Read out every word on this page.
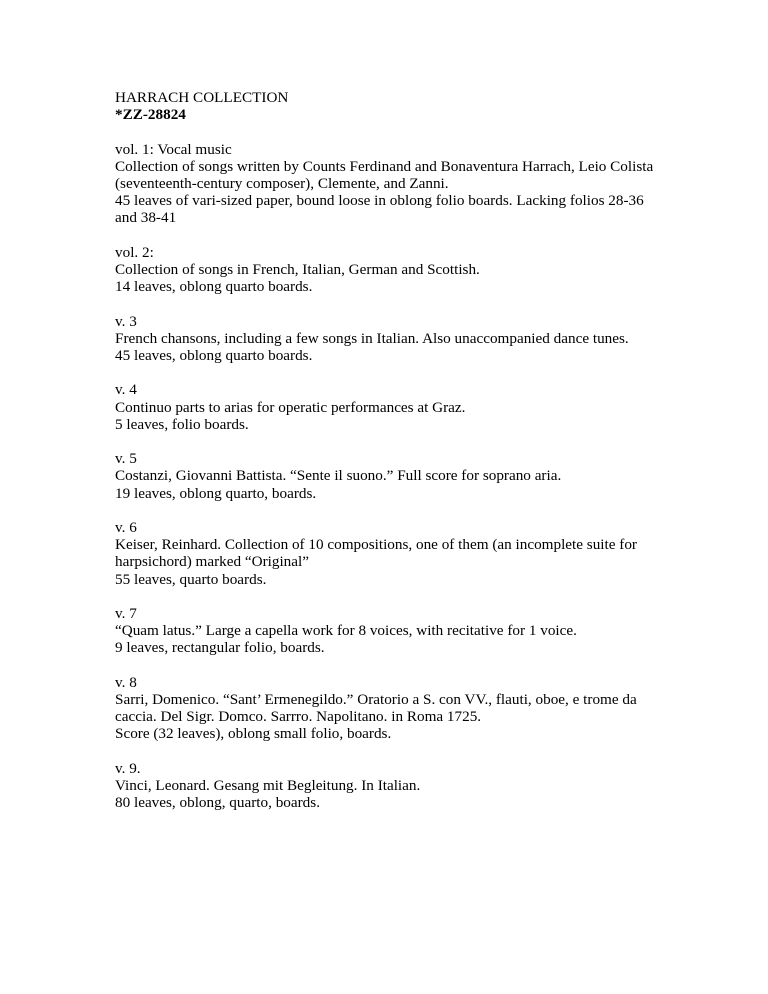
HARRACH COLLECTION
*ZZ-28824
vol. 1: Vocal music
Collection of songs written by Counts Ferdinand and Bonaventura Harrach, Leio Colista
(seventeenth-century composer), Clemente, and Zanni.
45 leaves of vari-sized paper, bound loose in oblong folio boards. Lacking folios 28-36
and 38-41
vol. 2:
Collection of songs in French, Italian, German and Scottish.
14 leaves, oblong quarto boards.
v. 3
French chansons, including a few songs in Italian. Also unaccompanied dance tunes.
45 leaves, oblong quarto boards.
v. 4
Continuo parts to arias for operatic performances at Graz.
5 leaves, folio boards.
v. 5
Costanzi, Giovanni Battista. “Sente il suono.” Full score for soprano aria.
19 leaves, oblong quarto, boards.
v. 6
Keiser, Reinhard. Collection of 10 compositions, one of them (an incomplete suite for
harpsichord) marked “Original”
55 leaves, quarto boards.
v. 7
“Quam latus.” Large a capella work for 8 voices, with recitative for 1 voice.
9 leaves, rectangular folio, boards.
v. 8
Sarri, Domenico. “Sant’ Ermenegildo.” Oratorio a S. con VV., flauti, oboe, e trome da
caccia. Del Sigr. Domco. Sarrro. Napolitano. in Roma 1725.
Score (32 leaves), oblong small folio, boards.
v. 9.
Vinci, Leonard. Gesang mit Begleitung. In Italian.
80 leaves, oblong, quarto, boards.
